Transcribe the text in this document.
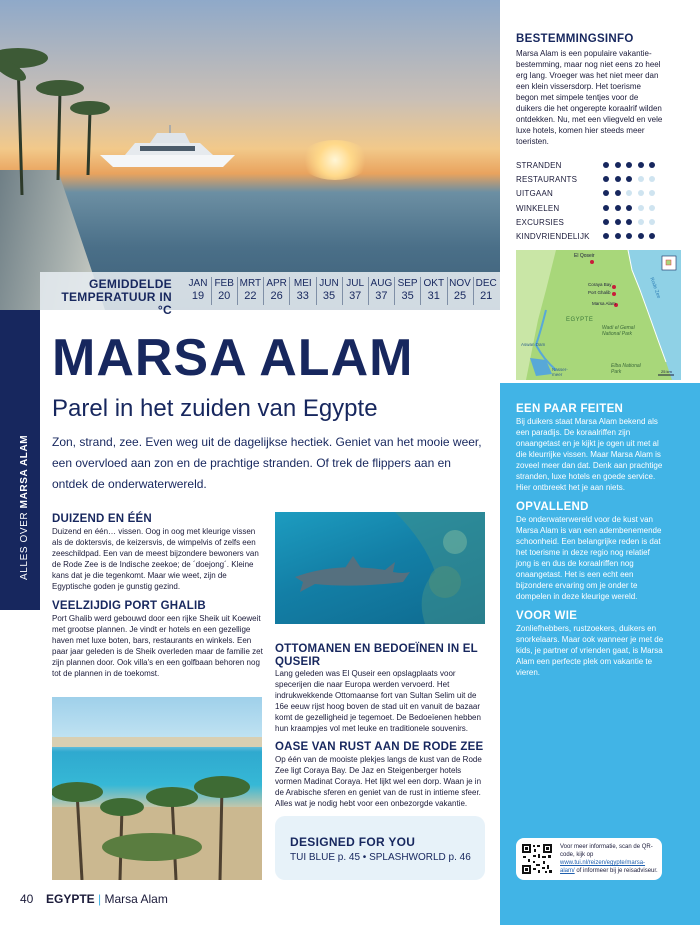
GEMIDDELDE TEMPERATUUR IN °C
JAN
19
FEB
20
MRT
22
APR
26
MEI
33
JUN
35
JUL
37
AUG
37
SEP
35
OKT
31
NOV
25
DEC
21
BESTEMMINGSINFO
Marsa Alam is een populaire vakantie-bestemming, maar nog niet eens zo heel erg lang. Vroeger was het niet meer dan een klein vissersdorp. Het toerisme begon met simpele tentjes voor de duikers die het ongerepte koraalrif wilden ontdekken. Nu, met een vliegveld en vele luxe hotels, komen hier steeds meer toeristen.
STRANDEN
RESTAURANTS
UITGAAN
WINKELEN
EXCURSIES
KINDVRIENDELIJK
El Qoseir
Coraya Bay
Port Ghalib
Marsa Alam
Rode Zee
EGYPTE
Wadi el Gemal National Park
Aswan Dam
Nasser-meer
Elba National Park	25 km
EEN PAAR FEITEN
Bij duikers staat Marsa Alam bekend als een paradijs. De koraalriffen zijn onaangetast en je kijkt je ogen uit met al die kleurrijke vissen. Maar Marsa Alam is zoveel meer dan dat. Denk aan prachtige stranden, luxe hotels en goede service. Hier ontbreekt het je aan niets.
OPVALLEND
De onderwaterwereld voor de kust van Marsa Alam is van een adembenemende schoonheid. Een belangrijke reden is dat het toerisme in deze regio nog relatief jong is en dus de koraalriffen nog onaangetast. Het is een echt een bijzondere ervaring om je onder te dompelen in deze kleurige wereld.
VOOR WIE
Zonliefhebbers, rustzoekers, duikers en snorkelaars. Maar ook wanneer je met de kids, je partner of vrienden gaat, is Marsa Alam een perfecte plek om vakantie te vieren.
Voor meer informatie, scan de QR-code, kijk op www.tui.nl/reizen/egypte/marsa-alam/ of informeer bij je reisadviseur.
ALLES OVER MARSA ALAM
MARSA ALAM
Parel in het zuiden van Egypte
Zon, strand, zee. Even weg uit de dagelijkse hectiek. Geniet van het mooie weer, een overvloed aan zon en de prachtige stranden. Of trek de flippers aan en ontdek de onderwaterwereld.
DUIZEND EN ÉÉN
Duizend en één… vissen. Oog in oog met kleurige vissen als de doktersvis, de keizersvis, de wimpelvis of zelfs een zeeschildpad. Een van de meest bijzondere bewoners van de Rode Zee is de Indische zeekoe; de ´doejong´. Kleine kans dat je die tegenkomt. Maar wie weet, zijn de Egyptische goden je gunstig gezind.
VEELZIJDIG PORT GHALIB
Port Ghalib werd gebouwd door een rijke Sheik uit Koeweit met grootse plannen. Je vindt er hotels en een gezellige haven met luxe boten, bars, restaurants en winkels. Een paar jaar geleden is de Sheik overleden maar de familie zet zijn plannen door. Ook villa's en een golfbaan behoren nog tot de plannen in de toekomst.
OTTOMANEN EN BEDOEÏNEN IN EL QUSEIR
Lang geleden was El Quseir een opslagplaats voor specerijen die naar Europa werden vervoerd. Het indrukwekkende Ottomaanse fort van Sultan Selim uit de 16e eeuw rijst hoog boven de stad uit en vanuit de bazaar komt de gezelligheid je tegemoet. De Bedoeïenen hebben hun kraampjes vol met leuke en traditionele souvenirs.
OASE VAN RUST AAN DE RODE ZEE
Op één van de mooiste plekjes langs de kust van de Rode Zee ligt Coraya Bay. De Jaz en Steigenberger hotels vormen Madinat Coraya. Het lijkt wel een dorp. Waan je in de Arabische sferen en geniet van de rust in intieme sfeer. Alles wat je nodig hebt voor een onbezorgde vakantie.
DESIGNED FOR YOU
TUI BLUE p. 45 • SPLASHWORLD p. 46
40 EGYPTE | Marsa Alam
